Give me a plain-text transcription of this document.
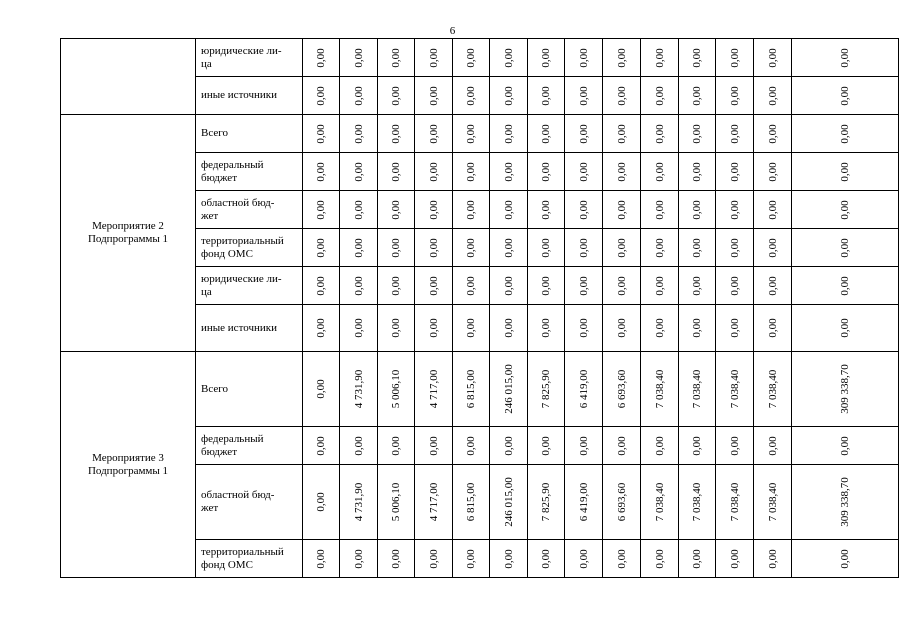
6
	юридические ли-
ца	0,00	0,00	0,00	0,00	0,00	0,00	0,00	0,00	0,00	0,00	0,00	0,00	0,00	0,00

	иные источники	0,00	0,00	0,00	0,00	0,00	0,00	0,00	0,00	0,00	0,00	0,00	0,00	0,00	0,00

Мероприятие 2
Подпрограммы 1	Всего	0,00	0,00	0,00	0,00	0,00	0,00	0,00	0,00	0,00	0,00	0,00	0,00	0,00	0,00

	федеральный
бюджет	0,00	0,00	0,00	0,00	0,00	0,00	0,00	0,00	0,00	0,00	0,00	0,00	0,00	0,00

	областной бюд-
жет	0,00	0,00	0,00	0,00	0,00	0,00	0,00	0,00	0,00	0,00	0,00	0,00	0,00	0,00

	территориальный
фонд ОМС	0,00	0,00	0,00	0,00	0,00	0,00	0,00	0,00	0,00	0,00	0,00	0,00	0,00	0,00

	юридические ли-
ца	0,00	0,00	0,00	0,00	0,00	0,00	0,00	0,00	0,00	0,00	0,00	0,00	0,00	0,00

	иные источники	0,00	0,00	0,00	0,00	0,00	0,00	0,00	0,00	0,00	0,00	0,00	0,00	0,00	0,00

Мероприятие 3
Подпрограммы 1	Всего	0,00	4 731,90	5 006,10	4 717,00	6 815,00	246 015,00	7 825,90	6 419,00	6 693,60	7 038,40	7 038,40	7 038,40	7 038,40	309 338,70

	федеральный
бюджет	0,00	0,00	0,00	0,00	0,00	0,00	0,00	0,00	0,00	0,00	0,00	0,00	0,00	0,00

	областной бюд-
жет	0,00	4 731,90	5 006,10	4 717,00	6 815,00	246 015,00	7 825,90	6 419,00	6 693,60	7 038,40	7 038,40	7 038,40	7 038,40	309 338,70

	территориальный
фонд ОМС	0,00	0,00	0,00	0,00	0,00	0,00	0,00	0,00	0,00	0,00	0,00	0,00	0,00	0,00
